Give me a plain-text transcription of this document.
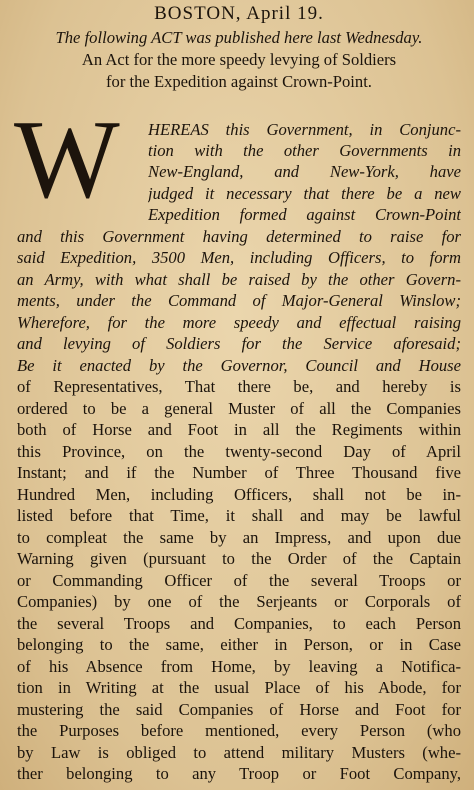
BOSTON, April 19.
The following ACT was published here last Wednesday.
An Act for the more speedy levying of Soldiers
for the Expedition against Crown-Point.
W HEREAS this Government, in Conjunc-
tion with the other Governments in
New-England, and New-York, have
judged it necessary that there be a new
Expedition formed against Crown-Point
and this Government having determined to raise for
said Expedition, 3500 Men, including Officers, to form
an Army, with what shall be raised by the other Govern-
ments, under the Command of Major-General Winslow;
Wherefore, for the more speedy and effectual raising
and levying of Soldiers for the Service aforesaid;
Be it enacted by the Governor, Council and House
of Representatives, That there be, and hereby is
ordered to be a general Muster of all the Companies
both of Horse and Foot in all the Regiments within
this Province, on the twenty-second Day of April
Instant; and if the Number of Three Thousand five
Hundred Men, including Officers, shall not be in-
listed before that Time, it shall and may be lawful
to compleat the same by an Impress, and upon due
Warning given (pursuant to the Order of the Captain
or Commanding Officer of the several Troops or
Companies) by one of the Serjeants or Corporals of
the several Troops and Companies, to each Person
belonging to the same, either in Person, or in Case
of his Absence from Home, by leaving a Notifica-
tion in Writing at the usual Place of his Abode, for
mustering the said Companies of Horse and Foot for
the Purposes before mentioned, every Person (who
by Law is obliged to attend military Musters (whe-
ther belonging to any Troop or Foot Company,
